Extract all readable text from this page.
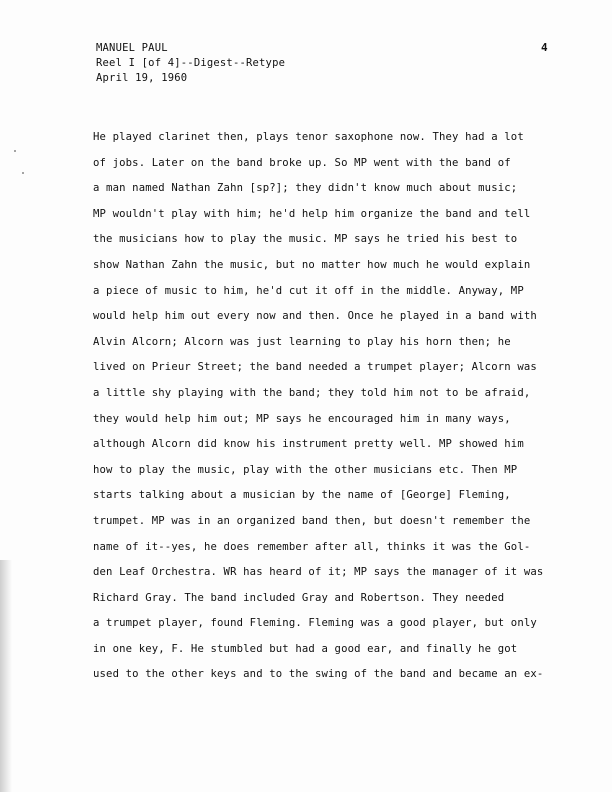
MANUEL PAUL
Reel I [of 4]--Digest--Retype
April 19, 1960
4
He played clarinet then, plays tenor saxophone now. They had a lot
of jobs. Later on the band broke up. So MP went with the band of
a man named Nathan Zahn [sp?]; they didn't know much about music;
MP wouldn't play with him; he'd help him organize the band and tell
the musicians how to play the music. MP says he tried his best to
show Nathan Zahn the music, but no matter how much he would explain
a piece of music to him, he'd cut it off in the middle. Anyway, MP
would help him out every now and then. Once he played in a band with
Alvin Alcorn; Alcorn was just learning to play his horn then; he
lived on Prieur Street; the band needed a trumpet player; Alcorn was
a little shy playing with the band; they told him not to be afraid,
they would help him out; MP says he encouraged him in many ways,
although Alcorn did know his instrument pretty well. MP showed him
how to play the music, play with the other musicians etc. Then MP
starts talking about a musician by the name of [George] Fleming,
trumpet. MP was in an organized band then, but doesn't remember the
name of it--yes, he does remember after all, thinks it was the Gol-
den Leaf Orchestra. WR has heard of it; MP says the manager of it was
Richard Gray. The band included Gray and Robertson. They needed
a trumpet player, found Fleming. Fleming was a good player, but only
in one key, F. He stumbled but had a good ear, and finally he got
used to the other keys and to the swing of the band and became an ex-
